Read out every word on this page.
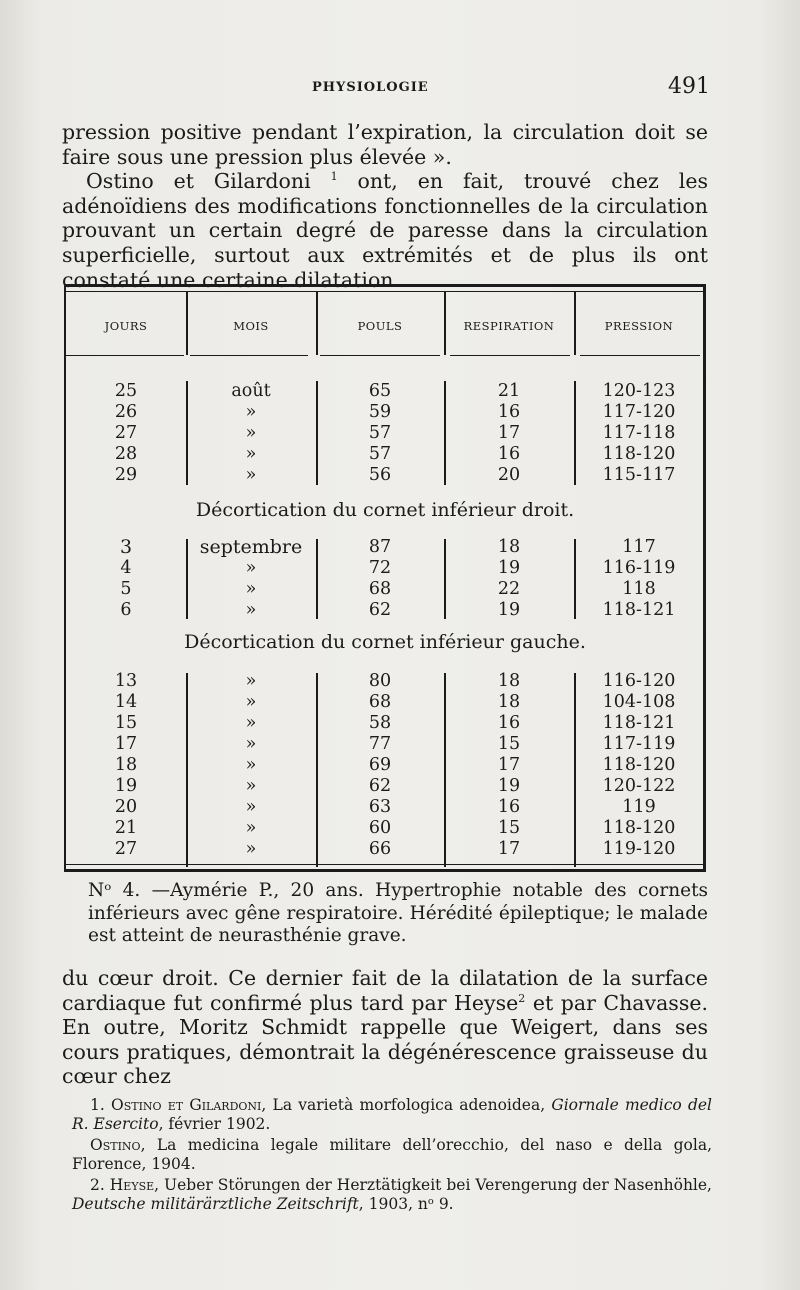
PHYSIOLOGIE	491

pression positive pendant l’expiration, la circulation doit se faire sous une pression plus élevée ».

Ostino et Gilardoni $^1$ ont, en fait, trouvé chez les adénoïdiens des modifications fonctionnelles de la circulation prouvant un certain degré de paresse dans la circulation superficielle, surtout aux extrémités et de plus ils ont constaté une certaine dilatation

JOURS	MOIS	POULS	RESPIRATION	PRESSION
25	août	65	21	120-123
26	»	59	16	117-120
27	»	57	17	117-118
28	»	57	16	118-120
29	»	56	20	115-117
Décortication du cornet inférieur droit.
3	septembre	87	18	117
4	»	72	19	116-119
5	»	68	22	118
6	»	62	19	118-121
Décortication du cornet inférieur gauche.
13	»	80	18	116-120
14	»	68	18	104-108
15	»	58	16	118-121
17	»	77	15	117-119
18	»	69	17	118-120
19	»	62	19	120-122
20	»	63	16	119
21	»	60	15	118-120
27	»	66	17	119-120

Nᵒ 4. —Aymérie P., 20 ans. Hypertrophie notable des cornets inférieurs avec gêne respiratoire. Hérédité épileptique; le malade est atteint de neurasthénie grave.

du cœur droit. Ce dernier fait de la dilatation de la surface cardiaque fut confirmé plus tard par Heyse$^2$ et par Chavasse. En outre, Moritz Schmidt rappelle que Weigert, dans ses cours pratiques, démontrait la dégénérescence graisseuse du cœur chez

1. Ostino et Gilardoni, La varietà morfologica adenoidea, Giornale medico del R. Esercito, février 1902.

Ostino, La medicina legale militare dell’orecchio, del naso e della gola, Florence, 1904.

2. Heyse, Ueber Störungen der Herztätigkeit bei Verengerung der Nasenhöhle, Deutsche militärärztliche Zeitschrift, 1903, nᵒ 9.
